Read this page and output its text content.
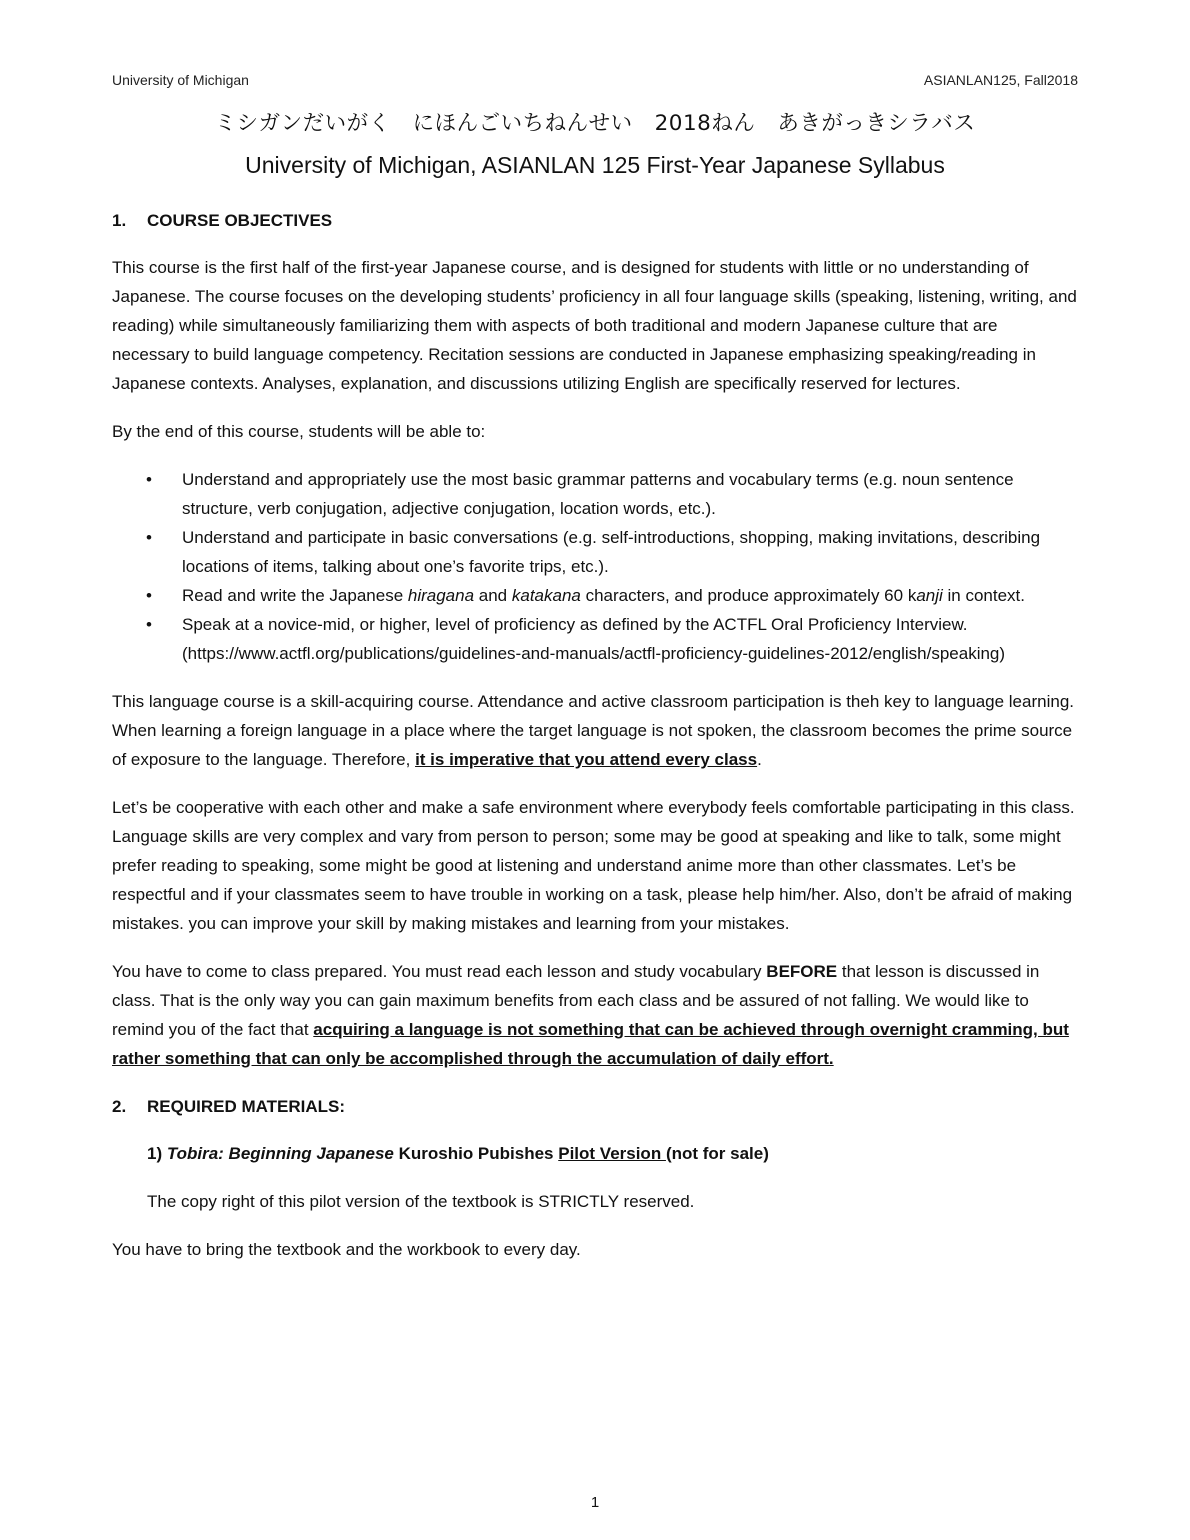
University of Michigan	ASIANLAN125, Fall2018
ミシガンだいがく　にほんごいちねんせい　2018ねん　あきがっきシラバス
University of Michigan, ASIANLAN 125 First-Year Japanese Syllabus
1. COURSE OBJECTIVES

This course is the first half of the first-year Japanese course, and is designed for students with little or no understanding of Japanese. The course focuses on the developing students’ proficiency in all four language skills (speaking, listening, writing, and reading) while simultaneously familiarizing them with aspects of both traditional and modern Japanese culture that are necessary to build language competency. Recitation sessions are conducted in Japanese emphasizing speaking/reading in Japanese contexts. Analyses, explanation, and discussions utilizing English are specifically reserved for lectures.

By the end of this course, students will be able to:

• Understand and appropriately use the most basic grammar patterns and vocabulary terms (e.g. noun sentence structure, verb conjugation, adjective conjugation, location words, etc.).
• Understand and participate in basic conversations (e.g. self-introductions, shopping, making invitations, describing locations of items, talking about one’s favorite trips, etc.).
• Read and write the Japanese hiragana and katakana characters, and produce approximately 60 kanji in context.
• Speak at a novice-mid, or higher, level of proficiency as defined by the ACTFL Oral Proficiency Interview. (https://www.actfl.org/publications/guidelines-and-manuals/actfl-proficiency-guidelines-2012/english/speaking)

This language course is a skill-acquiring course. Attendance and active classroom participation is theh key to language learning. When learning a foreign language in a place where the target language is not spoken, the classroom becomes the prime source of exposure to the language. Therefore, it is imperative that you attend every class.

Let’s be cooperative with each other and make a safe environment where everybody feels comfortable participating in this class. Language skills are very complex and vary from person to person; some may be good at speaking and like to talk, some might prefer reading to speaking, some might be good at listening and understand anime more than other classmates. Let’s be respectful and if your classmates seem to have trouble in working on a task, please help him/her. Also, don’t be afraid of making mistakes. you can improve your skill by making mistakes and learning from your mistakes.

You have to come to class prepared. You must read each lesson and study vocabulary BEFORE that lesson is discussed in class. That is the only way you can gain maximum benefits from each class and be assured of not falling. We would like to remind you of the fact that acquiring a language is not something that can be achieved through overnight cramming, but rather something that can only be accomplished through the accumulation of daily effort.

2. REQUIRED MATERIALS:

1) Tobira: Beginning Japanese Kuroshio Pubishes Pilot Version (not for sale)

The copy right of this pilot version of the textbook is STRICTLY reserved.

You have to bring the textbook and the workbook to every day.

1
